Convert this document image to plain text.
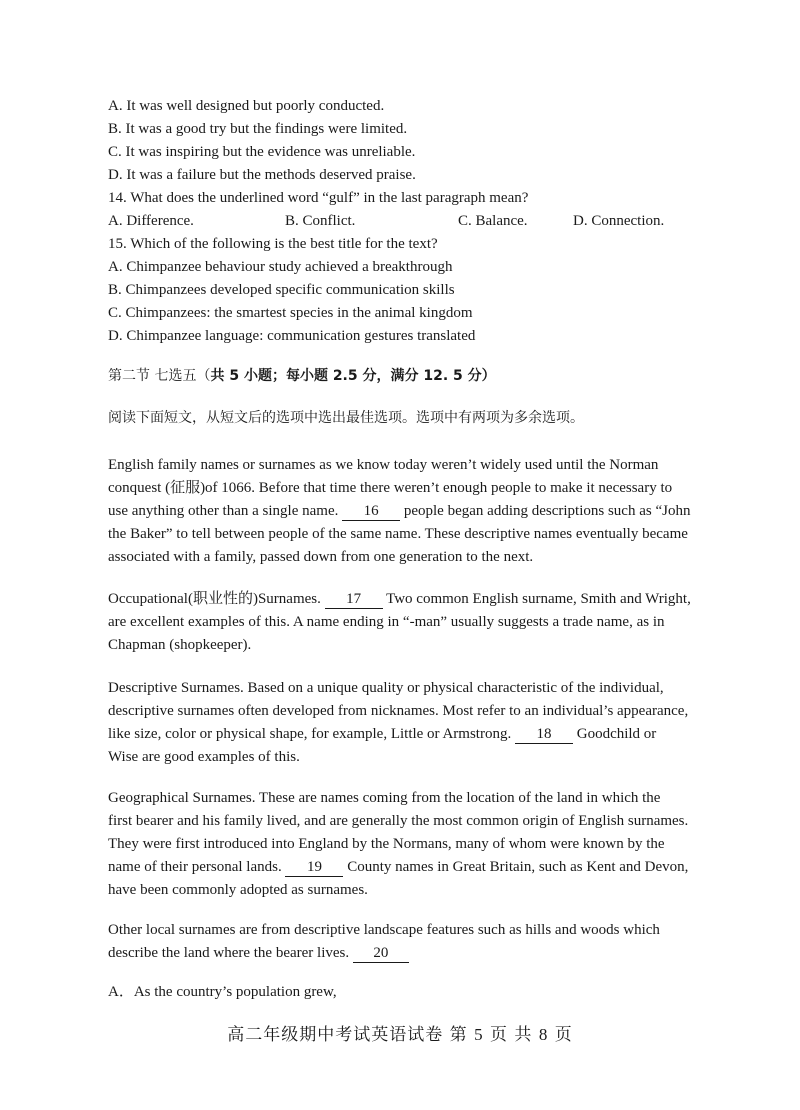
A. It was well designed but poorly conducted.
B. It was a good try but the findings were limited.
C. It was inspiring but the evidence was unreliable.
D. It was a failure but the methods deserved praise.
14. What does the underlined word “gulf” in the last paragraph mean?
A. Difference.	B. Conflict.	C. Balance.	D. Connection.
15. Which of the following is the best title for the text?
A. Chimpanzee behaviour study achieved a breakthrough
B. Chimpanzees developed specific communication skills
C. Chimpanzees: the smartest species in the animal kingdom
D. Chimpanzee language: communication gestures translated
第二节 七选五（共 5 小题；每小题 2.5 分，满分 12. 5 分）
阅读下面短文，从短文后的选项中选出最佳选项。选项中有两项为多余选项。
English family names or surnames as we know today weren’t widely used until the Norman
conquest (征服)of 1066. Before that time there weren’t enough people to make it necessary to
use anything other than a single name. 16 people began adding descriptions such as “John
the Baker” to tell between people of the same name. These descriptive names eventually became
associated with a family, passed down from one generation to the next.
Occupational(职业性的)Surnames. 17 Two common English surname, Smith and Wright,
are excellent examples of this. A name ending in “-man” usually suggests a trade name, as in
Chapman (shopkeeper).
Descriptive Surnames. Based on a unique quality or physical characteristic of the individual,
descriptive surnames often developed from nicknames. Most refer to an individual’s appearance,
like size, color or physical shape, for example, Little or Armstrong. 18 Goodchild or
Wise are good examples of this.
Geographical Surnames. These are names coming from the location of the land in which the
first bearer and his family lived, and are generally the most common origin of English surnames.
They were first introduced into England by the Normans, many of whom were known by the
name of their personal lands. 19 County names in Great Britain, such as Kent and Devon,
have been commonly adopted as surnames.
Other local surnames are from descriptive landscape features such as hills and woods which
describe the land where the bearer lives. 20
A．As the country’s population grew,
高二年级期中考试英语试卷 第 5 页 共 8 页
